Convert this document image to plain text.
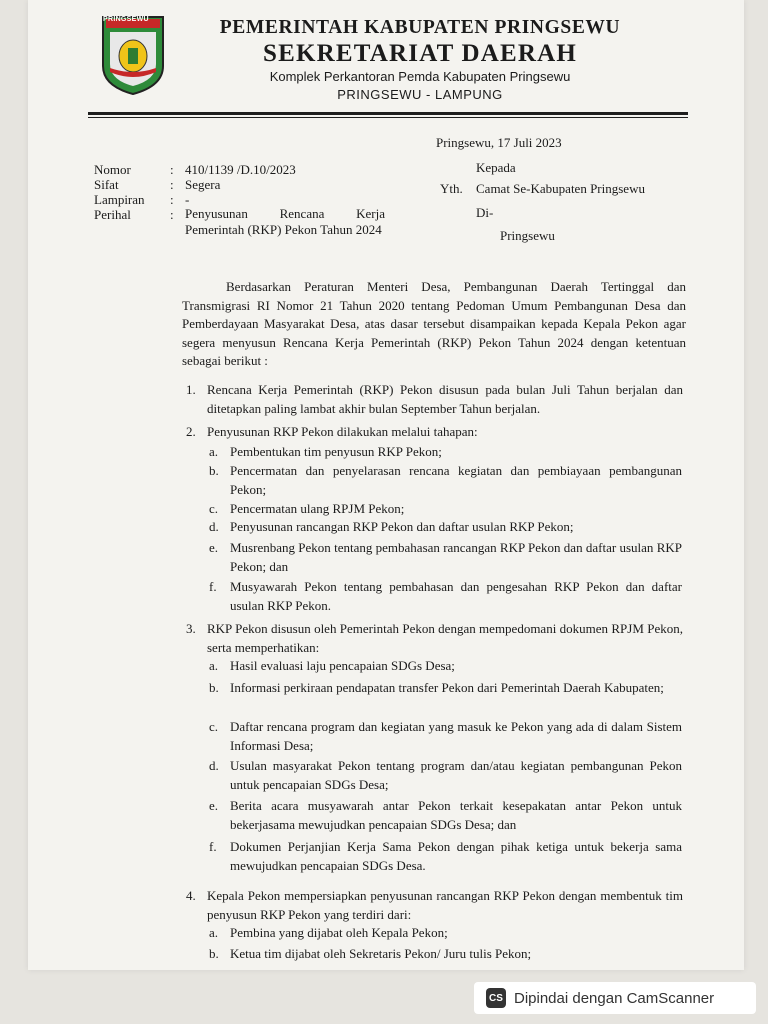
PRINGSEWU	PEMERINTAH KABUPATEN PRINGSEWU
SEKRETARIAT DAERAH
Komplek Perkantoran Pemda Kabupaten Pringsewu
PRINGSEWU - LAMPUNG
Pringsewu, 17 Juli 2023
Kepada
Yth. Camat Se-Kabupaten Pringsewu
Di-
Pringsewu
Nomor	: 410/1139 /D.10/2023
Sifat	: Segera
Lampiran : -
Perihal	: Penyusunan Rencana Kerja Pemerintah (RKP) Pekon Tahun 2024
Berdasarkan Peraturan Menteri Desa, Pembangunan Daerah Tertinggal dan Transmigrasi RI Nomor 21 Tahun 2020 tentang Pedoman Umum Pembangunan Desa dan Pemberdayaan Masyarakat Desa, atas dasar tersebut disampaikan kepada Kepala Pekon agar segera menyusun Rencana Kerja Pemerintah (RKP) Pekon Tahun 2024 dengan ketentuan sebagai berikut :
1. Rencana Kerja Pemerintah (RKP) Pekon disusun pada bulan Juli Tahun berjalan dan ditetapkan paling lambat akhir bulan September Tahun berjalan.
2. Penyusunan RKP Pekon dilakukan melalui tahapan:
a. Pembentukan tim penyusun RKP Pekon;
b. Pencermatan dan penyelarasan rencana kegiatan dan pembiayaan pembangunan Pekon;
c. Pencermatan ulang RPJM Pekon;
d. Penyusunan rancangan RKP Pekon dan daftar usulan RKP Pekon;
e. Musrenbang Pekon tentang pembahasan rancangan RKP Pekon dan daftar usulan RKP Pekon; dan
f. Musyawarah Pekon tentang pembahasan dan pengesahan RKP Pekon dan daftar usulan RKP Pekon.
3. RKP Pekon disusun oleh Pemerintah Pekon dengan mempedomani dokumen RPJM Pekon, serta memperhatikan:
a. Hasil evaluasi laju pencapaian SDGs Desa;
b. Informasi perkiraan pendapatan transfer Pekon dari Pemerintah Daerah Kabupaten;
c. Daftar rencana program dan kegiatan yang masuk ke Pekon yang ada di dalam Sistem Informasi Desa;
d. Usulan masyarakat Pekon tentang program dan/atau kegiatan pembangunan Pekon untuk pencapaian SDGs Desa;
e. Berita acara musyawarah antar Pekon terkait kesepakatan antar Pekon untuk bekerjasama mewujudkan pencapaian SDGs Desa; dan
f. Dokumen Perjanjian Kerja Sama Pekon dengan pihak ketiga untuk bekerja sama mewujudkan pencapaian SDGs Desa.
4. Kepala Pekon mempersiapkan penyusunan rancangan RKP Pekon dengan membentuk tim penyusun RKP Pekon yang terdiri dari:
a. Pembina yang dijabat oleh Kepala Pekon;
b. Ketua tim dijabat oleh Sekretaris Pekon/ Juru tulis Pekon;
CS Dipindai dengan CamScanner
